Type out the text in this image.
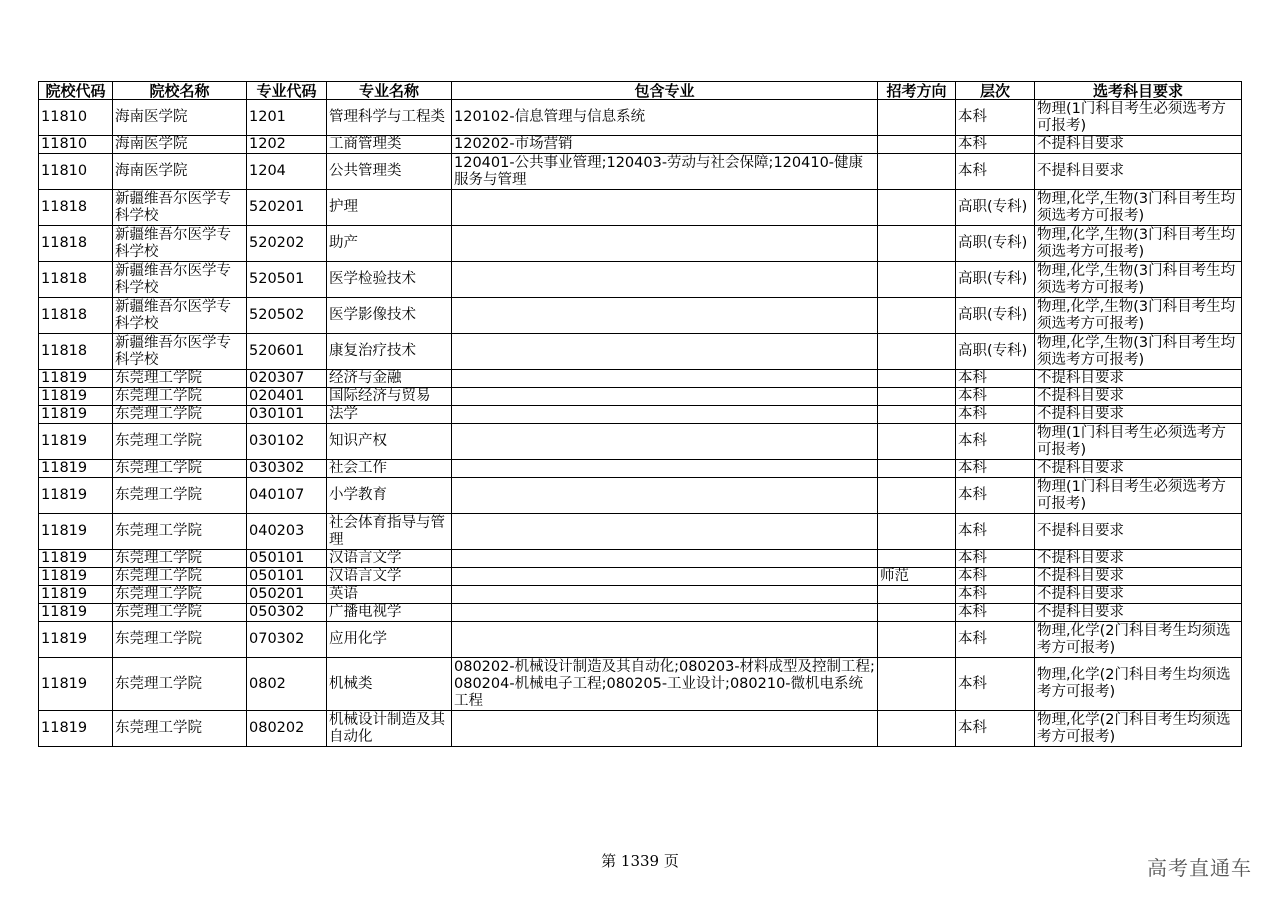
院校代码	院校名称	专业代码	专业名称	包含专业	招考方向	层次	选考科目要求
11810	海南医学院	1201	管理科学与工程类	120102-信息管理与信息系统		本科	物理(1门科目考生必须选考方可报考)
11810	海南医学院	1202	工商管理类	120202-市场营销		本科	不提科目要求
11810	海南医学院	1204	公共管理类	120401-公共事业管理;120403-劳动与社会保障;120410-健康服务与管理		本科	不提科目要求
11818	新疆维吾尔医学专科学校	520201	护理			高职(专科)	物理,化学,生物(3门科目考生均须选考方可报考)
11818	新疆维吾尔医学专科学校	520202	助产			高职(专科)	物理,化学,生物(3门科目考生均须选考方可报考)
11818	新疆维吾尔医学专科学校	520501	医学检验技术			高职(专科)	物理,化学,生物(3门科目考生均须选考方可报考)
11818	新疆维吾尔医学专科学校	520502	医学影像技术			高职(专科)	物理,化学,生物(3门科目考生均须选考方可报考)
11818	新疆维吾尔医学专科学校	520601	康复治疗技术			高职(专科)	物理,化学,生物(3门科目考生均须选考方可报考)
11819	东莞理工学院	020307	经济与金融			本科	不提科目要求
11819	东莞理工学院	020401	国际经济与贸易			本科	不提科目要求
11819	东莞理工学院	030101	法学			本科	不提科目要求
11819	东莞理工学院	030102	知识产权			本科	物理(1门科目考生必须选考方可报考)
11819	东莞理工学院	030302	社会工作			本科	不提科目要求
11819	东莞理工学院	040107	小学教育			本科	物理(1门科目考生必须选考方可报考)
11819	东莞理工学院	040203	社会体育指导与管理			本科	不提科目要求
11819	东莞理工学院	050101	汉语言文学			本科	不提科目要求
11819	东莞理工学院	050101	汉语言文学		师范	本科	不提科目要求
11819	东莞理工学院	050201	英语			本科	不提科目要求
11819	东莞理工学院	050302	广播电视学			本科	不提科目要求
11819	东莞理工学院	070302	应用化学			本科	物理,化学(2门科目考生均须选考方可报考)
11819	东莞理工学院	0802	机械类	080202-机械设计制造及其自动化;080203-材料成型及控制工程;080204-机械电子工程;080205-工业设计;080210-微机电系统工程		本科	物理,化学(2门科目考生均须选考方可报考)
11819	东莞理工学院	080202	机械设计制造及其自动化			本科	物理,化学(2门科目考生均须选考方可报考)
第 1339 页	高考直通车
